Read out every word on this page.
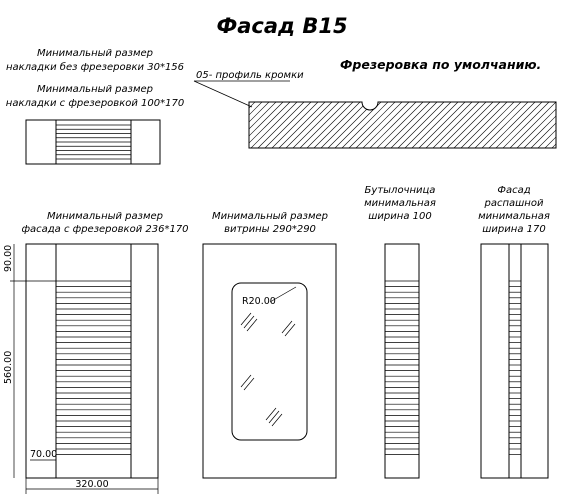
Фасад B15
Минимальный размер
накладки без фрезеровки 30*156
Минимальный размер
накладки с фрезеровкой 100*170
05- профиль кромки
Фрезеровка по умолчанию.
Минимальный размер
фасада с фрезеровкой 236*170
90.00
560.00
70.00
320.00
Минимальный размер
витрины 290*290
R20.00
Бутылочница
минимальная
ширина 100
Фасад
распашной
минимальная
ширина 170
